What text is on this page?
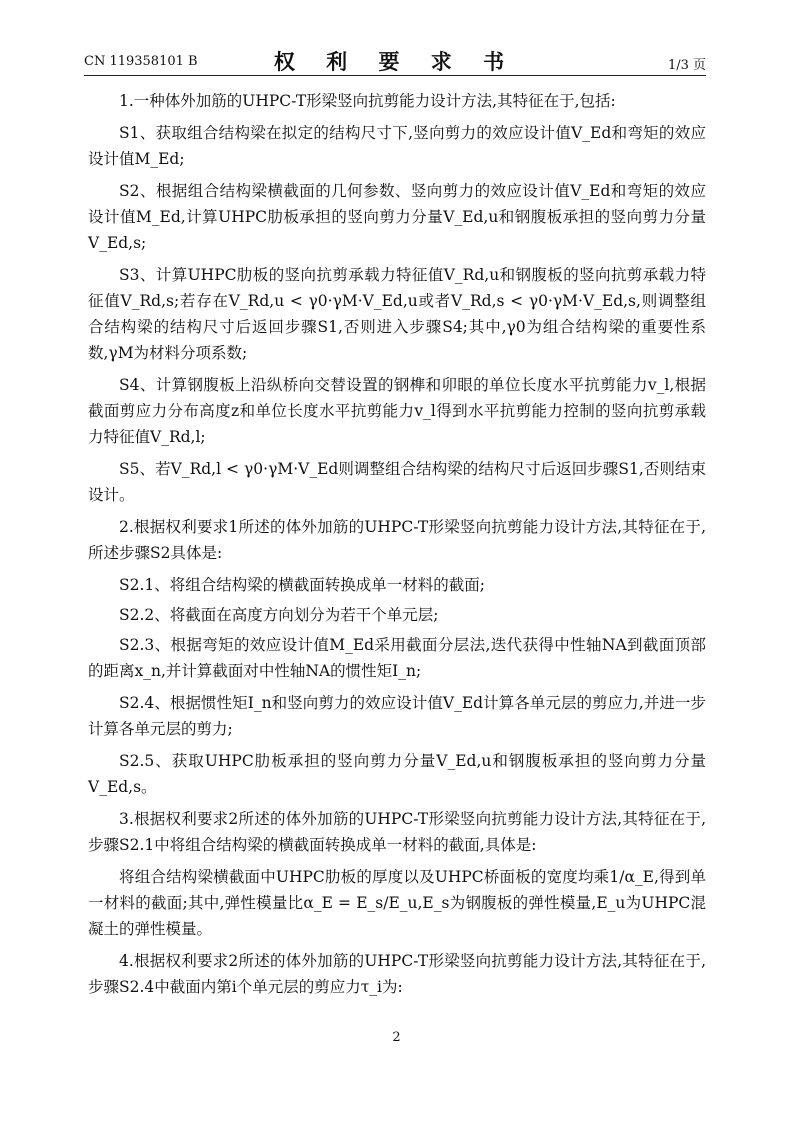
CN 119358101 B	权 利 要 求 书	1/3 页

1.一种体外加筋的UHPC-T形梁竖向抗剪能力设计方法,其特征在于,包括:

S1、获取组合结构梁在拟定的结构尺寸下,竖向剪力的效应设计值V_Ed和弯矩的效应设计值M_Ed;

S2、根据组合结构梁横截面的几何参数、竖向剪力的效应设计值V_Ed和弯矩的效应设计值M_Ed,计算UHPC肋板承担的竖向剪力分量V_Ed,u和钢腹板承担的竖向剪力分量V_Ed,s;

S3、计算UHPC肋板的竖向抗剪承载力特征值V_Rd,u和钢腹板的竖向抗剪承载力特征值V_Rd,s;若存在V_Rd,u < γ0·γM·V_Ed,u或者V_Rd,s < γ0·γM·V_Ed,s,则调整组合结构梁的结构尺寸后返回步骤S1,否则进入步骤S4;其中,γ0为组合结构梁的重要性系数,γM为材料分项系数;

S4、计算钢腹板上沿纵桥向交替设置的钢榫和卯眼的单位长度水平抗剪能力v_l,根据截面剪应力分布高度z和单位长度水平抗剪能力v_l得到水平抗剪能力控制的竖向抗剪承载力特征值V_Rd,l;

S5、若V_Rd,l < γ0·γM·V_Ed则调整组合结构梁的结构尺寸后返回步骤S1,否则结束设计。

2.根据权利要求1所述的体外加筋的UHPC-T形梁竖向抗剪能力设计方法,其特征在于,所述步骤S2具体是:

S2.1、将组合结构梁的横截面转换成单一材料的截面;

S2.2、将截面在高度方向划分为若干个单元层;

S2.3、根据弯矩的效应设计值M_Ed采用截面分层法,迭代获得中性轴NA到截面顶部的距离x_n,并计算截面对中性轴NA的惯性矩I_n;

S2.4、根据惯性矩I_n和竖向剪力的效应设计值V_Ed计算各单元层的剪应力,并进一步计算各单元层的剪力;

S2.5、获取UHPC肋板承担的竖向剪力分量V_Ed,u和钢腹板承担的竖向剪力分量V_Ed,s。

3.根据权利要求2所述的体外加筋的UHPC-T形梁竖向抗剪能力设计方法,其特征在于,步骤S2.1中将组合结构梁的横截面转换成单一材料的截面,具体是:

将组合结构梁横截面中UHPC肋板的厚度以及UHPC桥面板的宽度均乘1/α_E,得到单一材料的截面;其中,弹性模量比α_E = E_s/E_u,E_s为钢腹板的弹性模量,E_u为UHPC混凝土的弹性模量。

4.根据权利要求2所述的体外加筋的UHPC-T形梁竖向抗剪能力设计方法,其特征在于,步骤S2.4中截面内第i个单元层的剪应力τ_i为:

2
